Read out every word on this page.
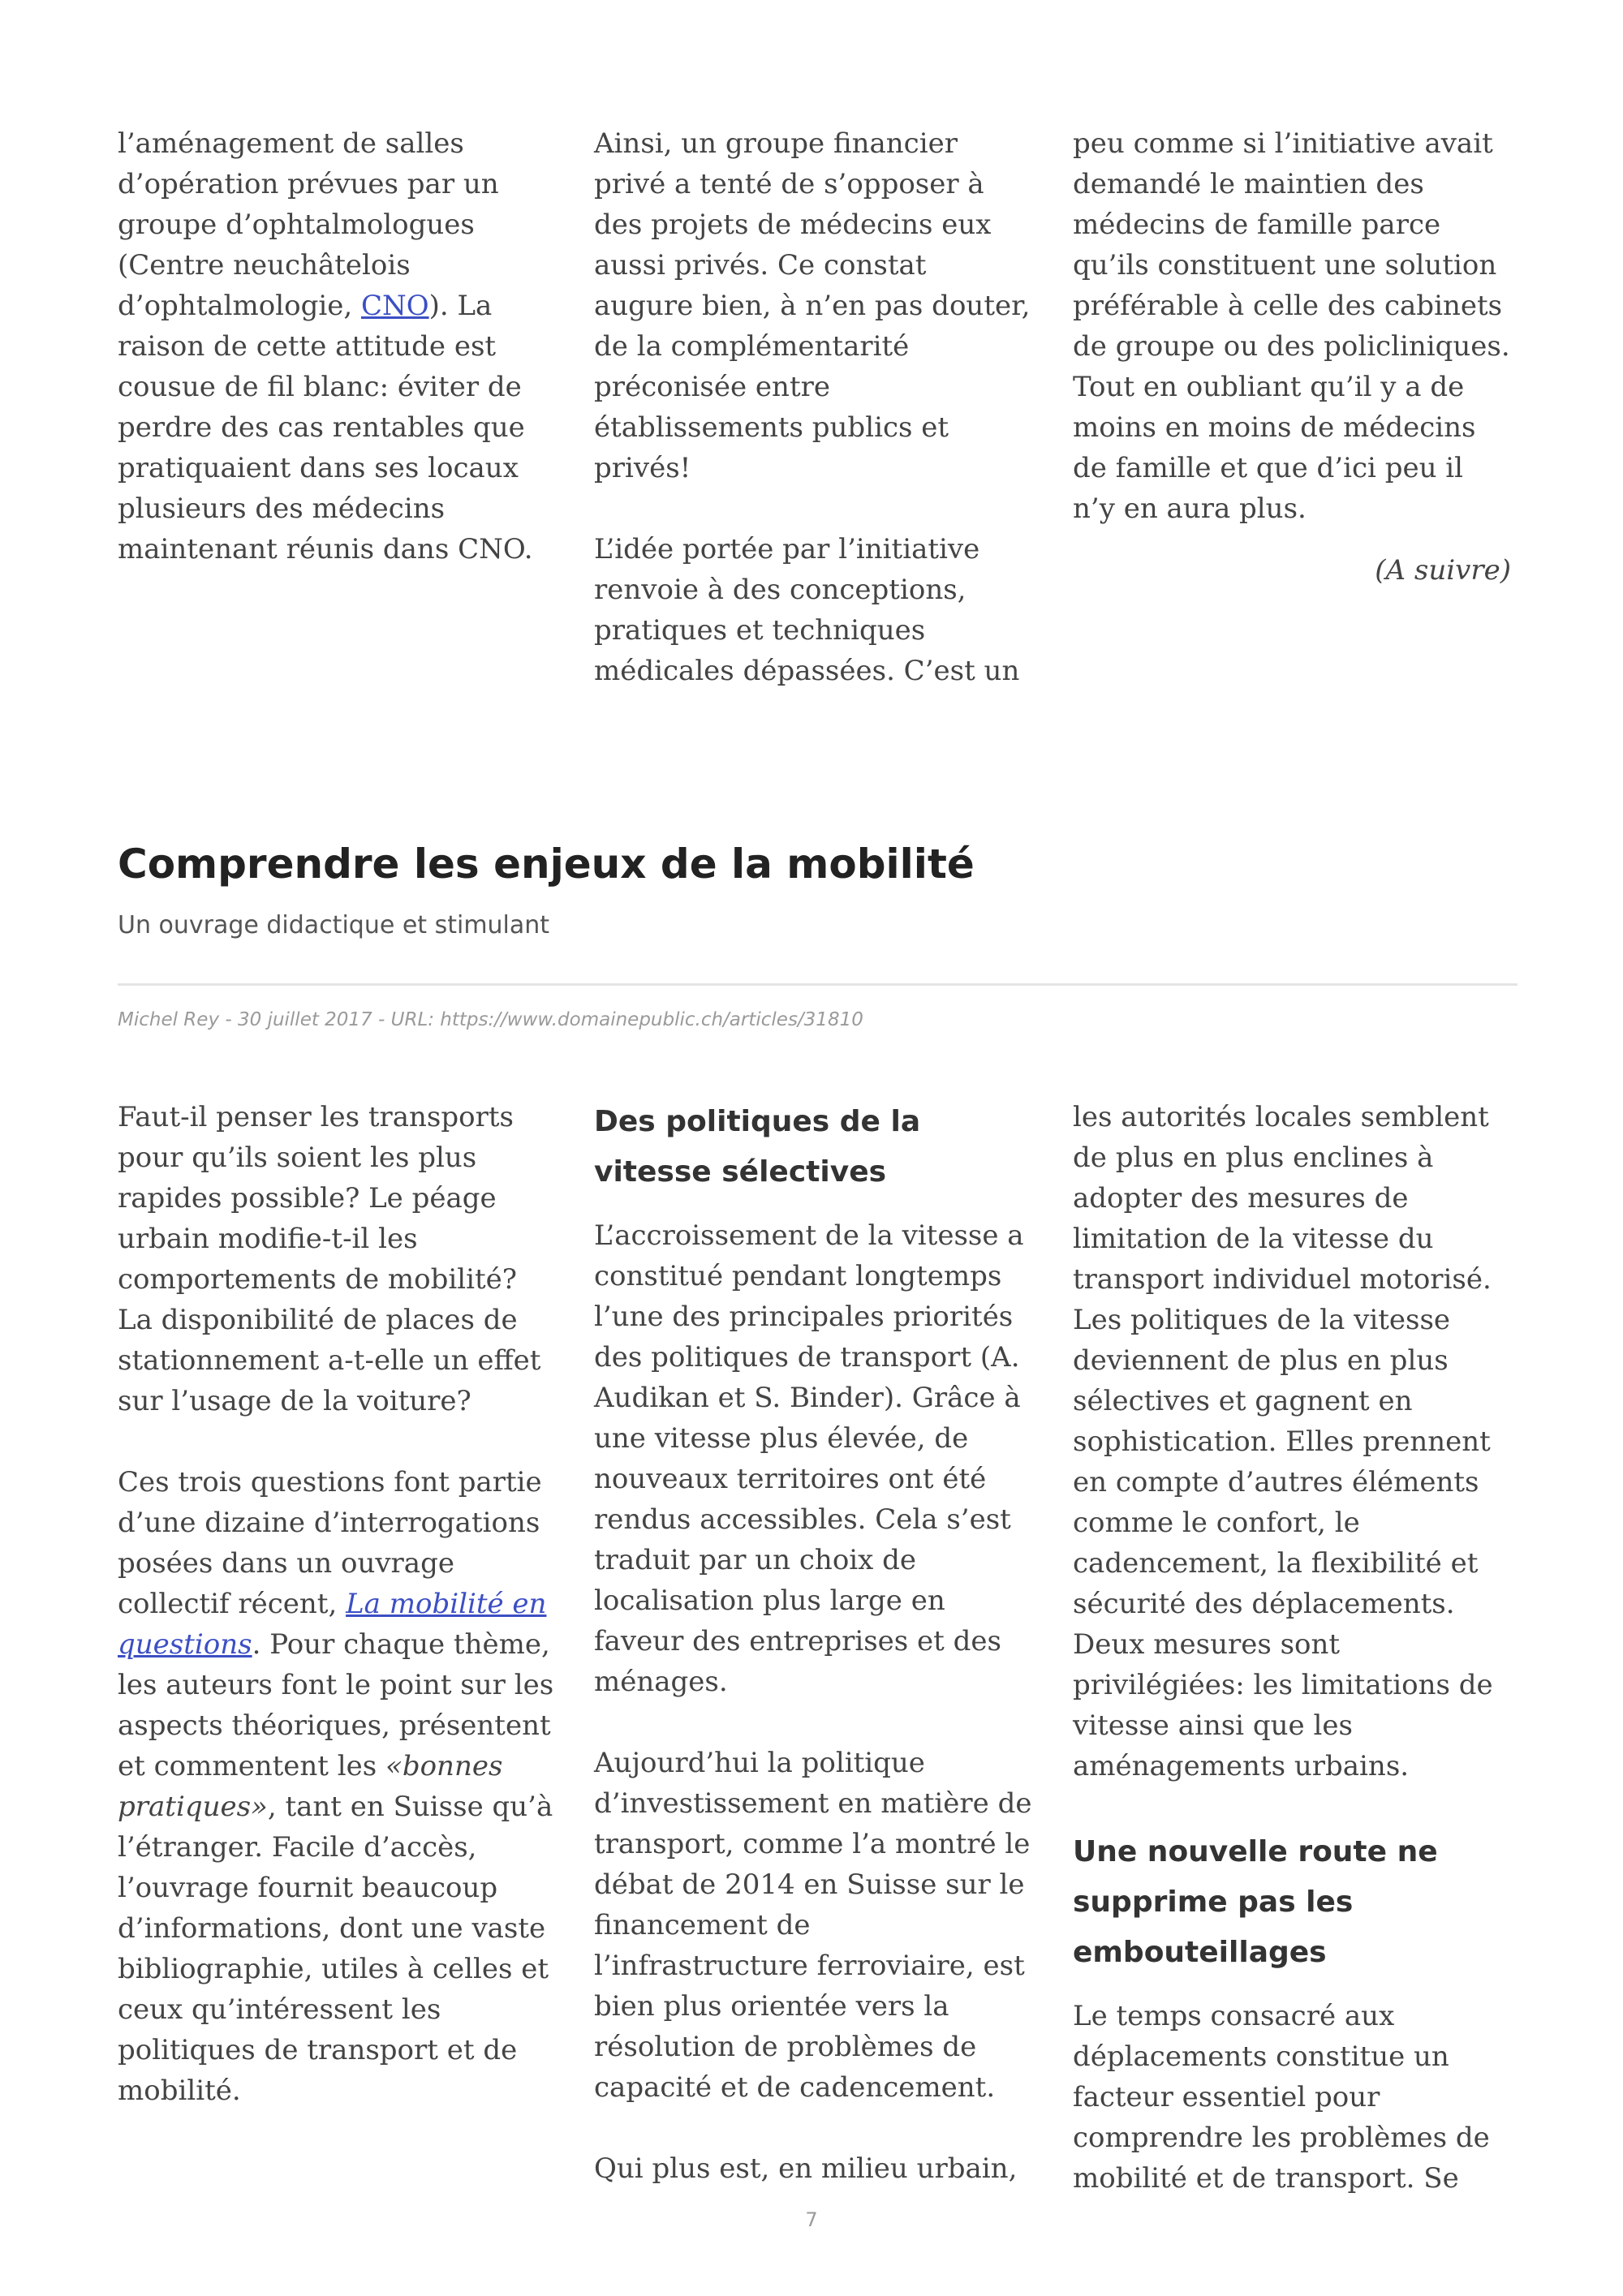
l’aménagement de salles d’opération prévues par un groupe d’ophtalmologues (Centre neuchâtelois d’ophtalmologie, CNO). La raison de cette attitude est cousue de fil blanc: éviter de perdre des cas rentables que pratiquaient dans ses locaux plusieurs des médecins maintenant réunis dans CNO.

Ainsi, un groupe financier privé a tenté de s’opposer à des projets de médecins eux aussi privés. Ce constat augure bien, à n’en pas douter, de la complémentarité préconisée entre établissements publics et privés!

L’idée portée par l’initiative renvoie à des conceptions, pratiques et techniques médicales dépassées. C’est un

peu comme si l’initiative avait demandé le maintien des médecins de famille parce qu’ils constituent une solution préférable à celle des cabinets de groupe ou des policliniques. Tout en oubliant qu’il y a de moins en moins de médecins de famille et que d’ici peu il n’y en aura plus.

(A suivre)

Comprendre les enjeux de la mobilité
Un ouvrage didactique et stimulant
Michel Rey - 30 juillet 2017 - URL: https://www.domainepublic.ch/articles/31810

Faut-il penser les transports pour qu’ils soient les plus rapides possible? Le péage urbain modifie-t-il les comportements de mobilité? La disponibilité de places de stationnement a-t-elle un effet sur l’usage de la voiture?

Ces trois questions font partie d’une dizaine d’interrogations posées dans un ouvrage collectif récent, La mobilité en questions. Pour chaque thème, les auteurs font le point sur les aspects théoriques, présentent et commentent les «bonnes pratiques», tant en Suisse qu’à l’étranger. Facile d’accès, l’ouvrage fournit beaucoup d’informations, dont une vaste bibliographie, utiles à celles et ceux qu’intéressent les politiques de transport et de mobilité.

Des politiques de la vitesse sélectives

L’accroissement de la vitesse a constitué pendant longtemps l’une des principales priorités des politiques de transport (A. Audikan et S. Binder). Grâce à une vitesse plus élevée, de nouveaux territoires ont été rendus accessibles. Cela s’est traduit par un choix de localisation plus large en faveur des entreprises et des ménages.

Aujourd’hui la politique d’investissement en matière de transport, comme l’a montré le débat de 2014 en Suisse sur le financement de l’infrastructure ferroviaire, est bien plus orientée vers la résolution de problèmes de capacité et de cadencement.

Qui plus est, en milieu urbain,

les autorités locales semblent de plus en plus enclines à adopter des mesures de limitation de la vitesse du transport individuel motorisé. Les politiques de la vitesse deviennent de plus en plus sélectives et gagnent en sophistication. Elles prennent en compte d’autres éléments comme le confort, le cadencement, la flexibilité et sécurité des déplacements. Deux mesures sont privilégiées: les limitations de vitesse ainsi que les aménagements urbains.

Une nouvelle route ne supprime pas les embouteillages

Le temps consacré aux déplacements constitue un facteur essentiel pour comprendre les problèmes de mobilité et de transport. Se

7
